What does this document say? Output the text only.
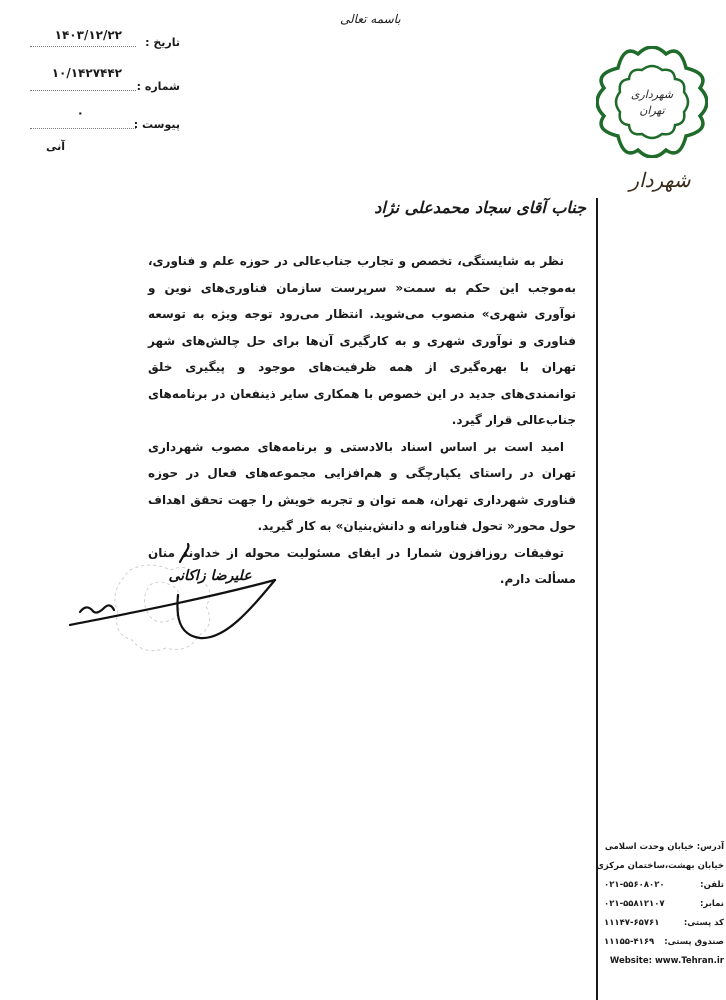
باسمه تعالی
۱۴۰۳/۱۲/۲۲
تاریخ :
۱۰/۱۴۲۷۴۴۲
شماره :
۰
پیوست :
آنی
شهرداری
تهران
شهردار
جناب آقای سجاد محمدعلی نژاد

نظر به شایستگی، تخصص و تجارب جناب‌عالی در حوزه علم و فناوری، به‌موجب این حکم به سمت« سرپرست سازمان فناوری‌های نوین و نوآوری شهری» منصوب می‌شوید. انتظار می‌رود توجه ویژه به توسعه فناوری و نوآوری شهری و به کارگیری آن‌ها برای حل چالش‌های شهر تهران با بهره‌گیری از همه ظرفیت‌های موجود و پیگیری خلق توانمندی‌های جدید در این خصوص با همکاری سایر ذینفعان در برنامه‌های جناب‌عالی قرار گیرد.

امید است بر اساس اسناد بالادستی و برنامه‌های مصوب شهرداری تهران در راستای یکپارچگی و هم‌افزایی مجموعه‌های فعال در حوزه فناوری شهرداری تهران، همه توان و تجربه خویش را جهت تحقق اهداف حول محور« تحول فناورانه و دانش‌بنیان» به کار گیرید.

توفیقات روزافزون شمارا در ایفای مسئولیت محوله از خداوند منان مسألت دارم.

علیرضا زاکانی
آدرس: خیابان وحدت اسلامی
خیابان بهشت،ساختمان مرکزی
تلفن:
۰۲۱-۵۵۶۰۸۰۲۰
نمابر:
۰۲۱-۵۵۸۱۲۱۰۷
کد پستی:
۱۱۱۴۷-۶۵۷۶۱
صندوق پستی:
۱۱۱۵۵-۴۱۶۹
Website: www.Tehran.ir
